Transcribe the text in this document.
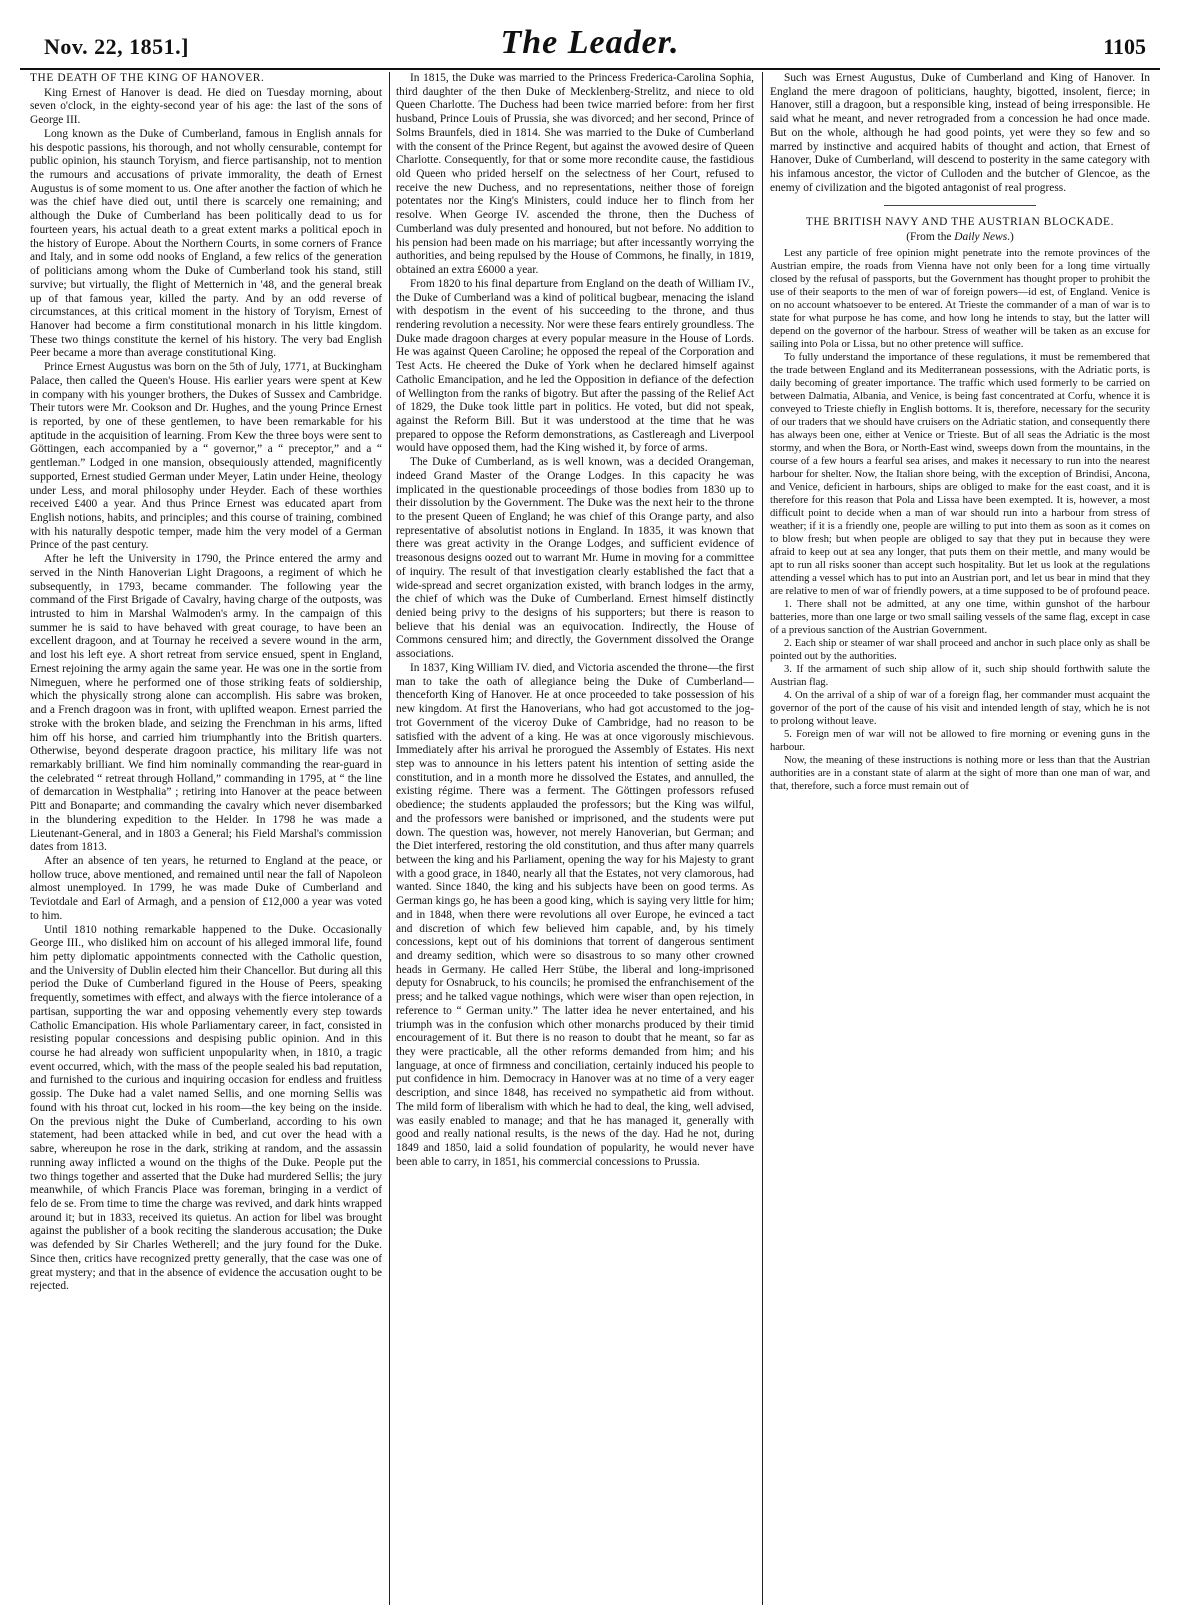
Nov. 22, 1851.]	The Leader.	1105
THE DEATH OF THE KING OF HANOVER.

King Ernest of Hanover is dead. He died on Tuesday morning, about seven o'clock, in the eighty-second year of his age: the last of the sons of George III.

Long known as the Duke of Cumberland, famous in English annals for his despotic passions, his thorough, and not wholly censurable, contempt for public opinion, his staunch Toryism, and fierce partisanship, not to mention the rumours and accusations of private immorality, the death of Ernest Augustus is of some moment to us. One after another the faction of which he was the chief have died out, until there is scarcely one remaining; and although the Duke of Cumberland has been politically dead to us for fourteen years, his actual death to a great extent marks a political epoch in the history of Europe. About the Northern Courts, in some corners of France and Italy, and in some odd nooks of England, a few relics of the generation of politicians among whom the Duke of Cumberland took his stand, still survive; but virtually, the flight of Metternich in '48, and the general break up of that famous year, killed the party. And by an odd reverse of circumstances, at this critical moment in the history of Toryism, Ernest of Hanover had become a firm constitutional monarch in his little kingdom. These two things constitute the kernel of his history. The very bad English Peer became a more than average constitutional King.

Prince Ernest Augustus was born on the 5th of July, 1771, at Buckingham Palace, then called the Queen's House. His earlier years were spent at Kew in company with his younger brothers, the Dukes of Sussex and Cambridge. Their tutors were Mr. Cookson and Dr. Hughes, and the young Prince Ernest is reported, by one of these gentlemen, to have been remarkable for his aptitude in the acquisition of learning. From Kew the three boys were sent to Göttingen, each accompanied by a “ governor,” a “ preceptor,” and a “ gentleman.” Lodged in one mansion, obsequiously attended, magnificently supported, Ernest studied German under Meyer, Latin under Heine, theology under Less, and moral philosophy under Heyder. Each of these worthies received £400 a year. And thus Prince Ernest was educated apart from English notions, habits, and principles; and this course of training, combined with his naturally despotic temper, made him the very model of a German Prince of the past century.

After he left the University in 1790, the Prince entered the army and served in the Ninth Hanoverian Light Dragoons, a regiment of which he subsequently, in 1793, became commander. The following year the command of the First Brigade of Cavalry, having charge of the outposts, was intrusted to him in Marshal Walmoden's army. In the campaign of this summer he is said to have behaved with great courage, to have been an excellent dragoon, and at Tournay he received a severe wound in the arm, and lost his left eye. A short retreat from service ensued, spent in England, Ernest rejoining the army again the same year. He was one in the sortie from Nimeguen, where he performed one of those striking feats of soldiership, which the physically strong alone can accomplish. His sabre was broken, and a French dragoon was in front, with uplifted weapon. Ernest parried the stroke with the broken blade, and seizing the Frenchman in his arms, lifted him off his horse, and carried him triumphantly into the British quarters. Otherwise, beyond desperate dragoon practice, his military life was not remarkably brilliant. We find him nominally commanding the rear-guard in the celebrated “ retreat through Holland,” commanding in 1795, at “ the line of demarcation in Westphalia” ; retiring into Hanover at the peace between Pitt and Bonaparte; and commanding the cavalry which never disembarked in the blundering expedition to the Helder. In 1798 he was made a Lieutenant-General, and in 1803 a General; his Field Marshal's commission dates from 1813.

After an absence of ten years, he returned to England at the peace, or hollow truce, above mentioned, and remained until near the fall of Napoleon almost unemployed. In 1799, he was made Duke of Cumberland and Teviotdale and Earl of Armagh, and a pension of £12,000 a year was voted to him.

Until 1810 nothing remarkable happened to the Duke. Occasionally George III., who disliked him on account of his alleged immoral life, found him petty diplomatic appointments connected with the Catholic question, and the University of Dublin elected him their Chancellor. But during all this period the Duke of Cumberland figured in the House of Peers, speaking frequently, sometimes with effect, and always with the fierce intolerance of a partisan, supporting the war and opposing vehemently every step towards Catholic Emancipation. His whole Parliamentary career, in fact, consisted in resisting popular concessions and despising public opinion. And in this course he had already won sufficient unpopularity when, in 1810, a tragic event occurred, which, with the mass of the people sealed his bad reputation, and furnished to the curious and inquiring occasion for endless and fruitless gossip. The Duke had a valet named Sellis, and one morning Sellis was found with his throat cut, locked in his room—the key being on the inside. On the previous night the Duke of Cumberland, according to his own statement, had been attacked while in bed, and cut over the head with a sabre, whereupon he rose in the dark, striking at random, and the assassin running away inflicted a wound on the thighs of the Duke. People put the two things together and asserted that the Duke had murdered Sellis; the jury meanwhile, of which Francis Place was foreman, bringing in a verdict of felo de se. From time to time the charge was revived, and dark hints wrapped around it; but in 1833, received its quietus. An action for libel was brought against the publisher of a book reciting the slanderous accusation; the Duke was defended by Sir Charles Wetherell; and the jury found for the Duke. Since then, critics have recognized pretty generally, that the case was one of great mystery; and that in the absence of evidence the accusation ought to be rejected.

In 1815, the Duke was married to the Princess Frederica-Carolina Sophia, third daughter of the then Duke of Mecklenberg-Strelitz, and niece to old Queen Charlotte. The Duchess had been twice married before: from her first husband, Prince Louis of Prussia, she was divorced; and her second, Prince of Solms Braunfels, died in 1814. She was married to the Duke of Cumberland with the consent of the Prince Regent, but against the avowed desire of Queen Charlotte. Consequently, for that or some more recondite cause, the fastidious old Queen who prided herself on the selectness of her Court, refused to receive the new Duchess, and no representations, neither those of foreign potentates nor the King's Ministers, could induce her to flinch from her resolve. When George IV. ascended the throne, then the Duchess of Cumberland was duly presented and honoured, but not before. No addition to his pension had been made on his marriage; but after incessantly worrying the authorities, and being repulsed by the House of Commons, he finally, in 1819, obtained an extra £6000 a year.

From 1820 to his final departure from England on the death of William IV., the Duke of Cumberland was a kind of political bugbear, menacing the island with despotism in the event of his succeeding to the throne, and thus rendering revolution a necessity. Nor were these fears entirely groundless. The Duke made dragoon charges at every popular measure in the House of Lords. He was against Queen Caroline; he opposed the repeal of the Corporation and Test Acts. He cheered the Duke of York when he declared himself against Catholic Emancipation, and he led the Opposition in defiance of the defection of Wellington from the ranks of bigotry. But after the passing of the Relief Act of 1829, the Duke took little part in politics. He voted, but did not speak, against the Reform Bill. But it was understood at the time that he was prepared to oppose the Reform demonstrations, as Castlereagh and Liverpool would have opposed them, had the King wished it, by force of arms.

The Duke of Cumberland, as is well known, was a decided Orangeman, indeed Grand Master of the Orange Lodges. In this capacity he was implicated in the questionable proceedings of those bodies from 1830 up to their dissolution by the Government. The Duke was the next heir to the throne to the present Queen of England; he was chief of this Orange party, and also representative of absolutist notions in England. In 1835, it was known that there was great activity in the Orange Lodges, and sufficient evidence of treasonous designs oozed out to warrant Mr. Hume in moving for a committee of inquiry. The result of that investigation clearly established the fact that a wide-spread and secret organization existed, with branch lodges in the army, the chief of which was the Duke of Cumberland. Ernest himself distinctly denied being privy to the designs of his supporters; but there is reason to believe that his denial was an equivocation. Indirectly, the House of Commons censured him; and directly, the Government dissolved the Orange associations.

In 1837, King William IV. died, and Victoria ascended the throne—the first man to take the oath of allegiance being the Duke of Cumberland—thenceforth King of Hanover. He at once proceeded to take possession of his new kingdom. At first the Hanoverians, who had got accustomed to the jog-trot Government of the viceroy Duke of Cambridge, had no reason to be satisfied with the advent of a king. He was at once vigorously mischievous. Immediately after his arrival he prorogued the Assembly of Estates. His next step was to announce in his letters patent his intention of setting aside the constitution, and in a month more he dissolved the Estates, and annulled, the existing régime. There was a ferment. The Göttingen professors refused obedience; the students applauded the professors; but the King was wilful, and the professors were banished or imprisoned, and the students were put down. The question was, however, not merely Hanoverian, but German; and the Diet interfered, restoring the old constitution, and thus after many quarrels between the king and his Parliament, opening the way for his Majesty to grant with a good grace, in 1840, nearly all that the Estates, not very clamorous, had wanted. Since 1840, the king and his subjects have been on good terms. As German kings go, he has been a good king, which is saying very little for him; and in 1848, when there were revolutions all over Europe, he evinced a tact and discretion of which few believed him capable, and, by his timely concessions, kept out of his dominions that torrent of dangerous sentiment and dreamy sedition, which were so disastrous to so many other crowned heads in Germany. He called Herr Stübe, the liberal and long-imprisoned deputy for Osnabruck, to his councils; he promised the enfranchisement of the press; and he talked vague nothings, which were wiser than open rejection, in reference to “ German unity.” The latter idea he never entertained, and his triumph was in the confusion which other monarchs produced by their timid encouragement of it. But there is no reason to doubt that he meant, so far as they were practicable, all the other reforms demanded from him; and his language, at once of firmness and conciliation, certainly induced his people to put confidence in him. Democracy in Hanover was at no time of a very eager description, and since 1848, has received no sympathetic aid from without. The mild form of liberalism with which he had to deal, the king, well advised, was easily enabled to manage; and that he has managed it, generally with good and really national results, is the news of the day. Had he not, during 1849 and 1850, laid a solid foundation of popularity, he would never have been able to carry, in 1851, his commercial concessions to Prussia.

Such was Ernest Augustus, Duke of Cumberland and King of Hanover. In England the mere dragoon of politicians, haughty, bigotted, insolent, fierce; in Hanover, still a dragoon, but a responsible king, instead of being irresponsible. He said what he meant, and never retrograded from a concession he had once made. But on the whole, although he had good points, yet were they so few and so marred by instinctive and acquired habits of thought and action, that Ernest of Hanover, Duke of Cumberland, will descend to posterity in the same category with his infamous ancestor, the victor of Culloden and the butcher of Glencoe, as the enemy of civilization and the bigoted antagonist of real progress.

THE BRITISH NAVY AND THE AUSTRIAN BLOCKADE.
(From the Daily News.)

Lest any particle of free opinion might penetrate into the remote provinces of the Austrian empire, the roads from Vienna have not only been for a long time virtually closed by the refusal of passports, but the Government has thought proper to prohibit the use of their seaports to the men of war of foreign powers—id est, of England. Venice is on no account whatsoever to be entered. At Trieste the commander of a man of war is to state for what purpose he has come, and how long he intends to stay, but the latter will depend on the governor of the harbour. Stress of weather will be taken as an excuse for sailing into Pola or Lissa, but no other pretence will suffice.

To fully understand the importance of these regulations, it must be remembered that the trade between England and its Mediterranean possessions, with the Adriatic ports, is daily becoming of greater importance. The traffic which used formerly to be carried on between Dalmatia, Albania, and Venice, is being fast concentrated at Corfu, whence it is conveyed to Trieste chiefly in English bottoms. It is, therefore, necessary for the security of our traders that we should have cruisers on the Adriatic station, and consequently there has always been one, either at Venice or Trieste. But of all seas the Adriatic is the most stormy, and when the Bora, or North-East wind, sweeps down from the mountains, in the course of a few hours a fearful sea arises, and makes it necessary to run into the nearest harbour for shelter. Now, the Italian shore being, with the exception of Brindisi, Ancona, and Venice, deficient in harbours, ships are obliged to make for the east coast, and it is therefore for this reason that Pola and Lissa have been exempted. It is, however, a most difficult point to decide when a man of war should run into a harbour from stress of weather; if it is a friendly one, people are willing to put into them as soon as it comes on to blow fresh; but when people are obliged to say that they put in because they were afraid to keep out at sea any longer, that puts them on their mettle, and many would be apt to run all risks sooner than accept such hospitality. But let us look at the regulations attending a vessel which has to put into an Austrian port, and let us bear in mind that they are relative to men of war of friendly powers, at a time supposed to be of profound peace.

1. There shall not be admitted, at any one time, within gunshot of the harbour batteries, more than one large or two small sailing vessels of the same flag, except in case of a previous sanction of the Austrian Government.

2. Each ship or steamer of war shall proceed and anchor in such place only as shall be pointed out by the authorities.

3. If the armament of such ship allow of it, such ship should forthwith salute the Austrian flag.

4. On the arrival of a ship of war of a foreign flag, her commander must acquaint the governor of the port of the cause of his visit and intended length of stay, which he is not to prolong without leave.

5. Foreign men of war will not be allowed to fire morning or evening guns in the harbour.

Now, the meaning of these instructions is nothing more or less than that the Austrian authorities are in a constant state of alarm at the sight of more than one man of war, and that, therefore, such a force must remain out of
